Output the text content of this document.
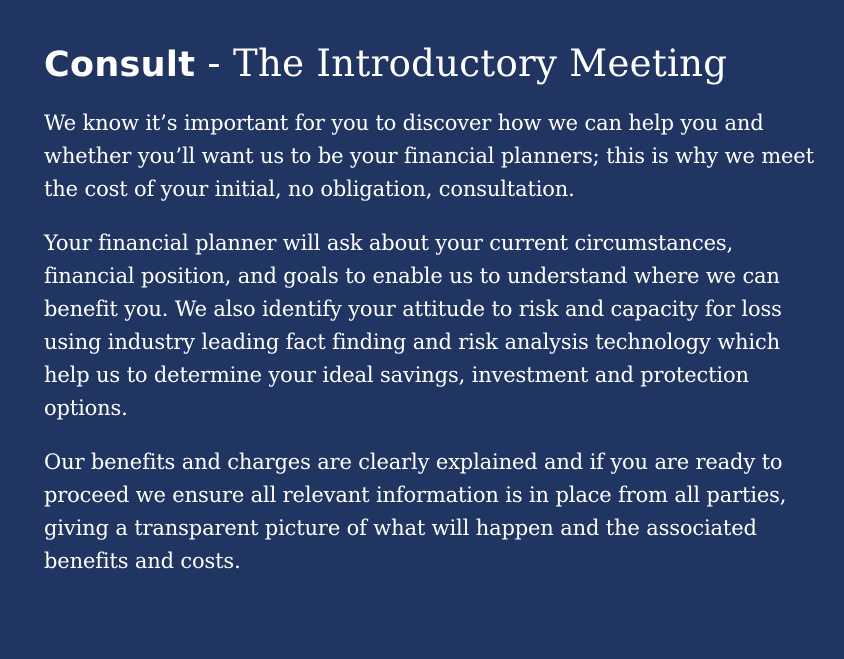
Consult - The Introductory Meeting

We know it’s important for you to discover how we can help you and whether you’ll want us to be your financial planners; this is why we meet the cost of your initial, no obligation, consultation.

Your financial planner will ask about your current circumstances, financial position, and goals to enable us to understand where we can benefit you. We also identify your attitude to risk and capacity for loss using industry leading fact finding and risk analysis technology which help us to determine your ideal savings, investment and protection options.

Our benefits and charges are clearly explained and if you are ready to proceed we ensure all relevant information is in place from all parties, giving a transparent picture of what will happen and the associated benefits and costs.
